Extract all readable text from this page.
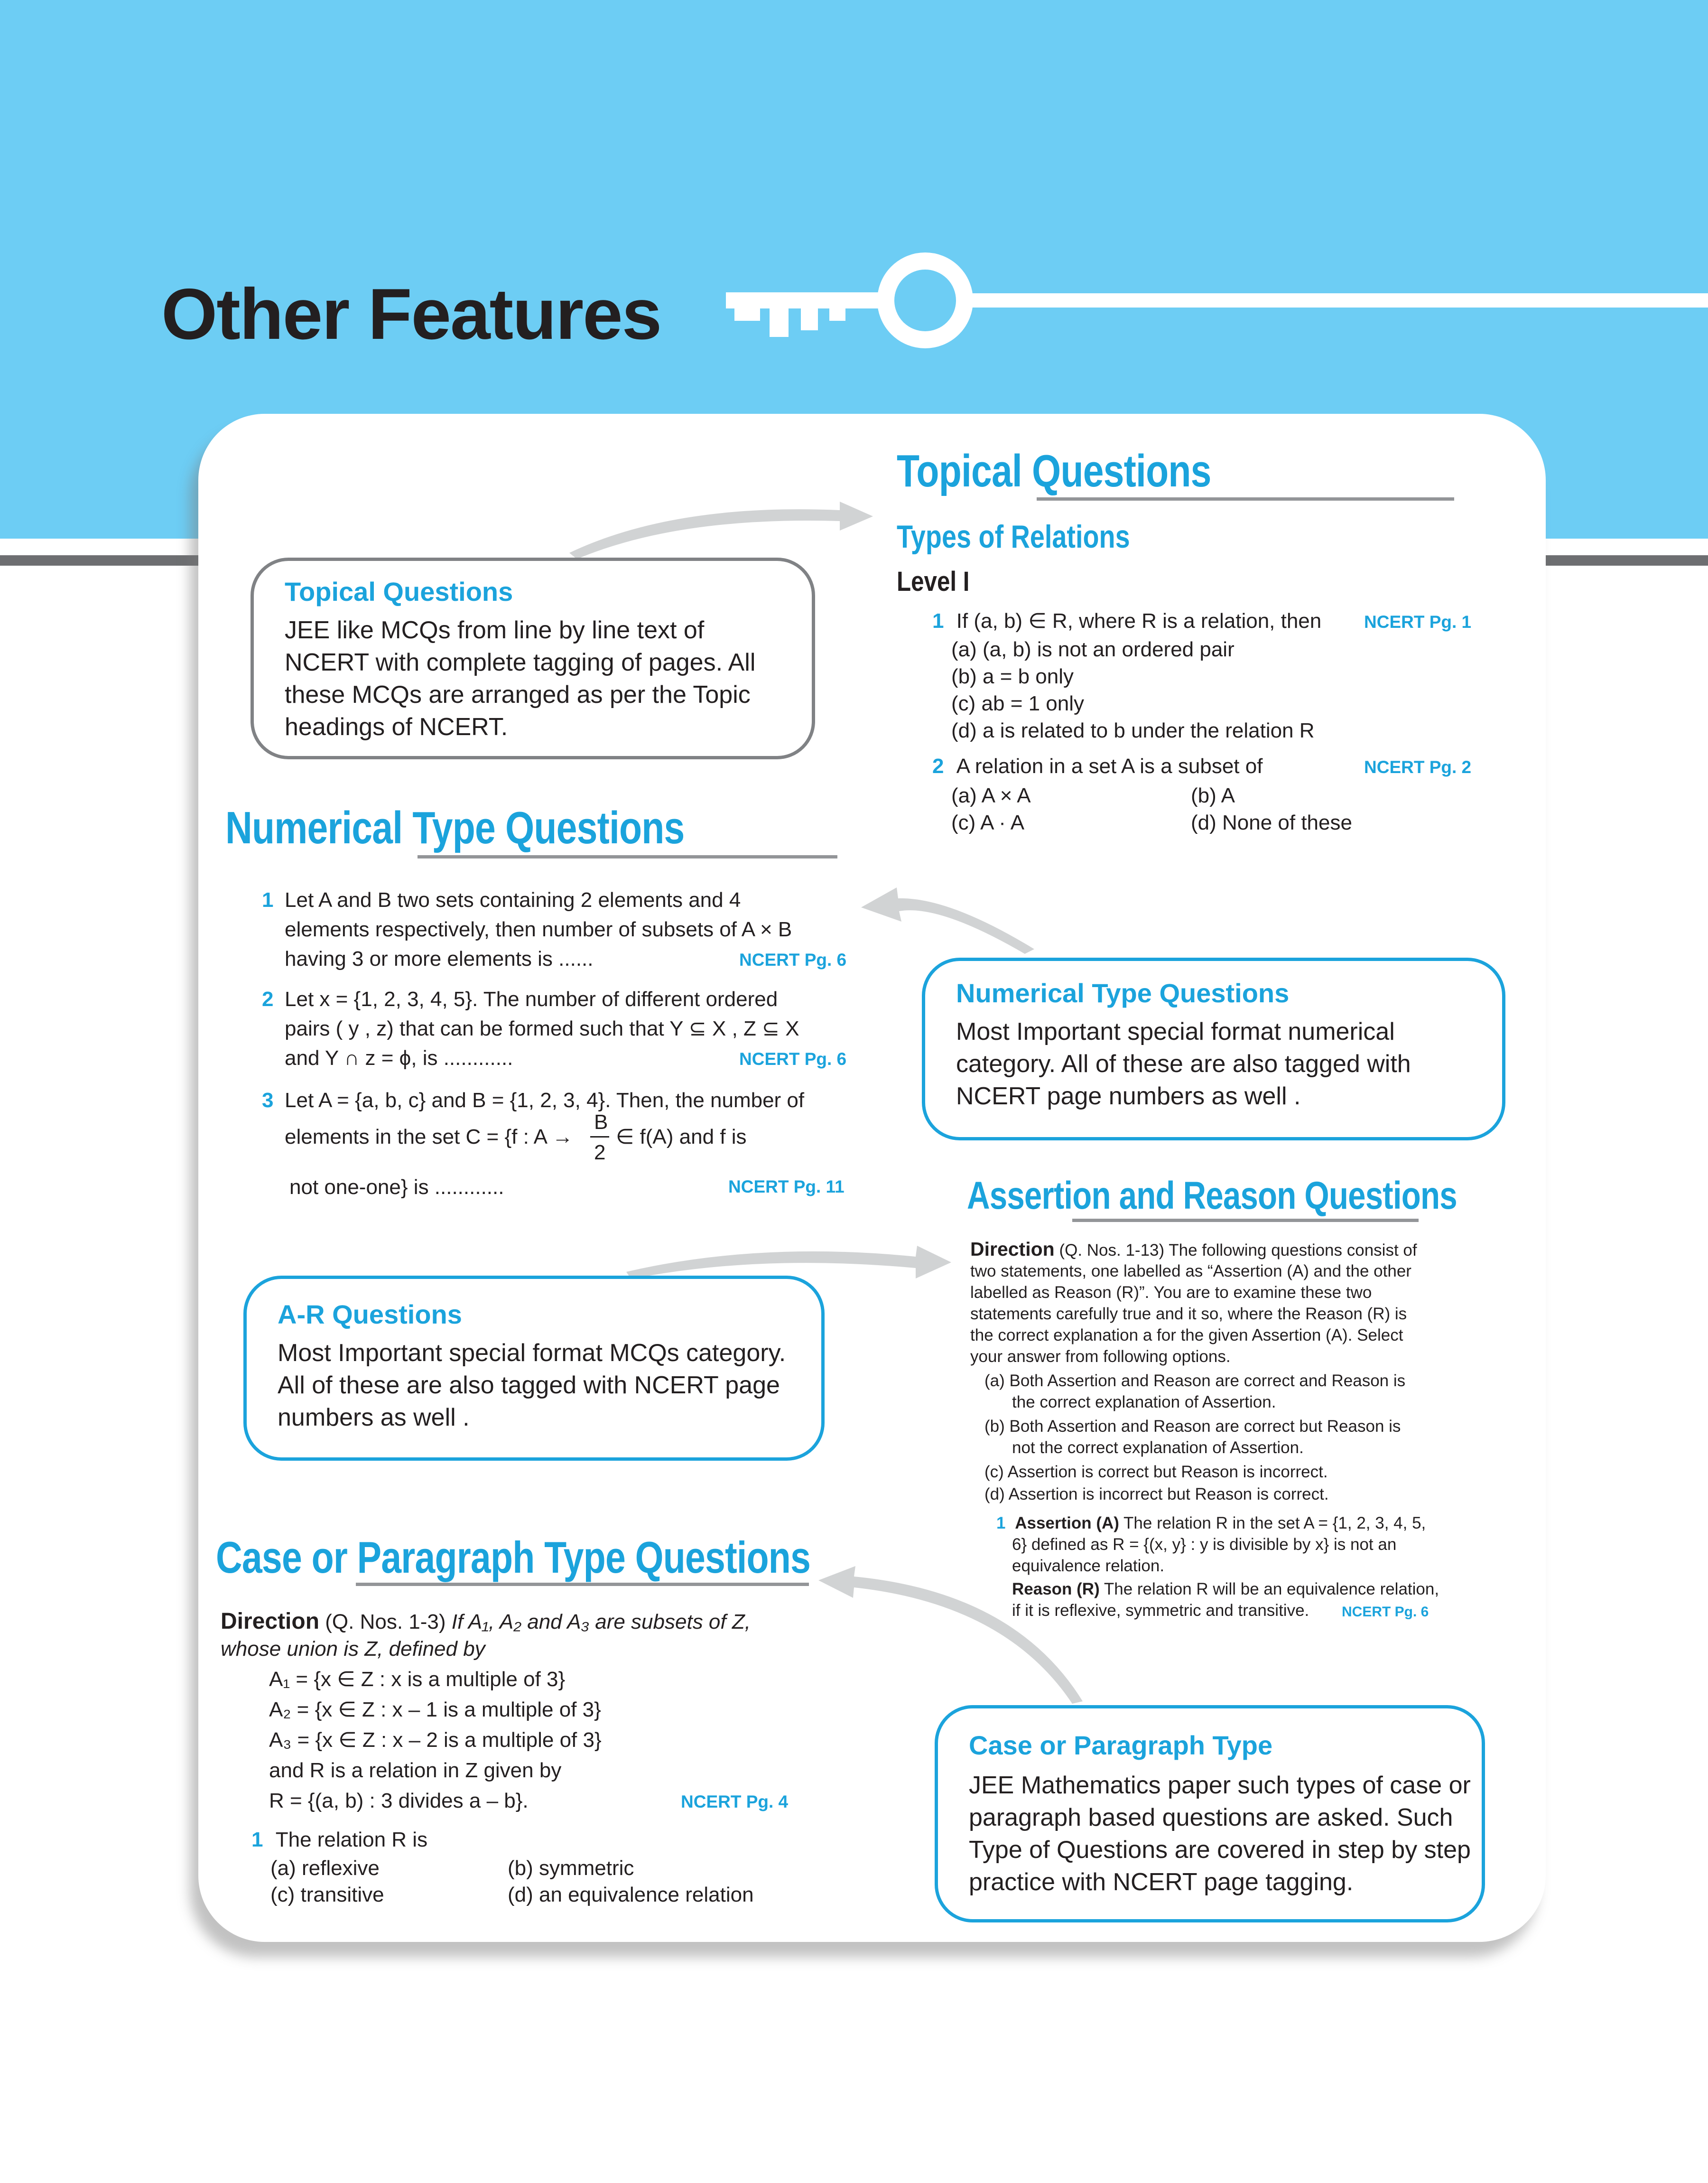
Other Features
Topical Questions
Types of Relations
Level I
1 If (a, b) ∈ R, where R is a relation, then NCERT Pg. 1
(a) (a, b) is not an ordered pair
(b) a = b only
(c) ab = 1 only
(d) a is related to b under the relation R
2 A relation in a set A is a subset of	NCERT Pg. 2
(a) A × A	(b) A
(c) A · A	(d) None of these
Topical Questions
JEE like MCQs from line by line text of NCERT with complete tagging of pages. All these MCQs are arranged as per the Topic headings of NCERT.
Numerical Type Questions
1 Let A and B two sets containing 2 elements and 4
elements respectively, then number of subsets of A × B
having 3 or more elements is ......	NCERT Pg. 6
2 Let x = {1, 2, 3, 4, 5}. The number of different ordered
pairs ( y , z) that can be formed such that Y ⊆ X , Z ⊆ X
and Y ∩ z = ϕ, is ............	NCERT Pg. 6
3 Let A = {a, b, c} and B = {1, 2, 3, 4}. Then, the number of
elements in the set C = {f : A →
B
2
∈ f(A) and f is
not one-one} is ............	NCERT Pg. 11
Numerical Type Questions
Most Important special format numerical category. All of these are also tagged with NCERT page numbers as well .
Assertion and Reason Questions
Direction (Q. Nos. 1-13) The following questions consist of
two statements, one labelled as “Assertion (A) and the other
labelled as Reason (R)”. You are to examine these two
statements carefully true and it so, where the Reason (R) is
the correct explanation a for the given Assertion (A). Select
your answer from following options.
(a) Both Assertion and Reason are correct and Reason is
the correct explanation of Assertion.
(b) Both Assertion and Reason are correct but Reason is
not the correct explanation of Assertion.
(c) Assertion is correct but Reason is incorrect.
(d) Assertion is incorrect but Reason is correct.
1 Assertion (A) The relation R in the set A = {1, 2, 3, 4, 5,
6} defined as R = {(x, y} : y is divisible by x} is not an
equivalence relation.
Reason (R) The relation R will be an equivalence relation,
if it is reflexive, symmetric and transitive. NCERT Pg. 6
A-R Questions
Most Important special format MCQs category. All of these are also tagged with NCERT page numbers as well .
Case or Paragraph Type Questions
Direction (Q. Nos. 1-3) If A₁, A₂ and A₃ are subsets of Z,
whose union is Z, defined by
A₁ = {x ∈ Z : x is a multiple of 3}
A₂ = {x ∈ Z : x – 1 is a multiple of 3}
A₃ = {x ∈ Z : x – 2 is a multiple of 3}
and R is a relation in Z given by
R = {(a, b) : 3 divides a – b}.	NCERT Pg. 4
1 The relation R is
(a) reflexive	(b) symmetric
(c) transitive	(d) an equivalence relation
Case or Paragraph Type
JEE Mathematics paper such types of case or paragraph based questions are asked. Such Type of Questions are covered in step by step practice with NCERT page tagging.
